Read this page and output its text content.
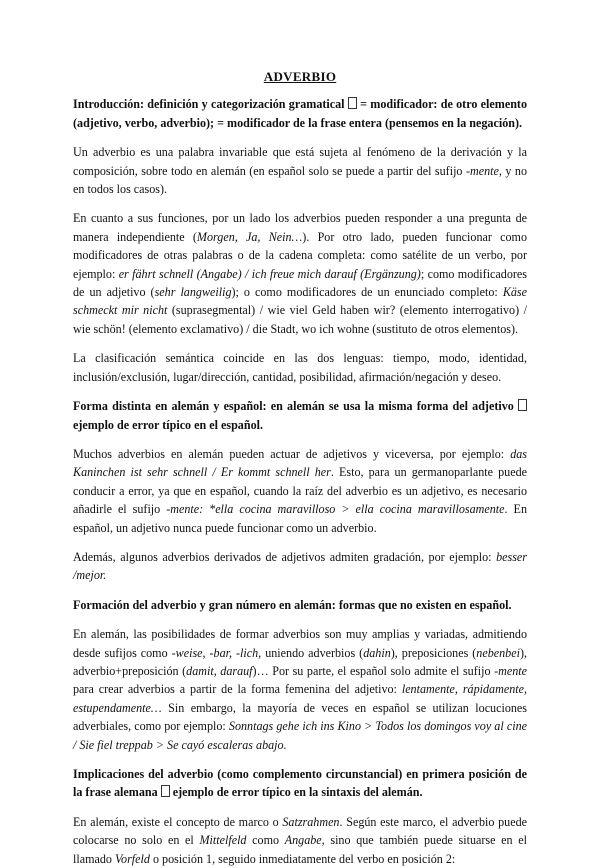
ADVERBIO
Introducción: definición y categorización gramatical  = modificador: de otro elemento (adjetivo, verbo, adverbio); = modificador de la frase entera (pensemos en la negación).
Un adverbio es una palabra invariable que está sujeta al fenómeno de la derivación y la composición, sobre todo en alemán (en español solo se puede a partir del sufijo -mente, y no en todos los casos).
En cuanto a sus funciones, por un lado los adverbios pueden responder a una pregunta de manera independiente (Morgen, Ja, Nein…). Por otro lado, pueden funcionar como modificadores de otras palabras o de la cadena completa: como satélite de un verbo, por ejemplo: er fährt schnell (Angabe) / ich freue mich darauf (Ergänzung); como modificadores de un adjetivo (sehr langweilig); o como modificadores de un enunciado completo: Käse schmeckt mir nicht (suprasegmental) / wie viel Geld haben wir? (elemento interrogativo) / wie schön! (elemento exclamativo) / die Stadt, wo ich wohne (sustituto de otros elementos).
La clasificación semántica coincide en las dos lenguas: tiempo, modo, identidad, inclusión/exclusión, lugar/dirección, cantidad, posibilidad, afirmación/negación y deseo.
Forma distinta en alemán y español: en alemán se usa la misma forma del adjetivo  ejemplo de error típico en el español.
Muchos adverbios en alemán pueden actuar de adjetivos y viceversa, por ejemplo: das Kaninchen ist sehr schnell / Er kommt schnell her. Esto, para un germanoparlante puede conducir a error, ya que en español, cuando la raíz del adverbio es un adjetivo, es necesario añadirle el sufijo -mente: *ella cocina maravilloso > ella cocina maravillosamente. En español, un adjetivo nunca puede funcionar como un adverbio.
Además, algunos adverbios derivados de adjetivos admiten gradación, por ejemplo: besser /mejor.
Formación del adverbio y gran número en alemán: formas que no existen en español.
En alemán, las posibilidades de formar adverbios son muy amplias y variadas, admitiendo desde sufijos como -weise, -bar, -lich, uniendo adverbios (dahin), preposiciones (nebenbei), adverbio+preposición (damit, darauf)… Por su parte, el español solo admite el sufijo -mente para crear adverbios a partir de la forma femenina del adjetivo: lentamente, rápidamente, estupendamente… Sin embargo, la mayoría de veces en español se utilizan locuciones adverbiales, como por ejemplo: Sonntags gehe ich ins Kino > Todos los domingos voy al cine / Sie fiel treppab > Se cayó escaleras abajo.
Implicaciones del adverbio (como complemento circunstancial) en primera posición de la frase alemana  ejemplo de error típico en la sintaxis del alemán.
En alemán, existe el concepto de marco o Satzrahmen. Según este marco, el adverbio puede colocarse no solo en el Mittelfeld como Angabe, sino que también puede situarse en el llamado Vorfeld o posición 1, seguido inmediatamente del verbo en posición 2:
